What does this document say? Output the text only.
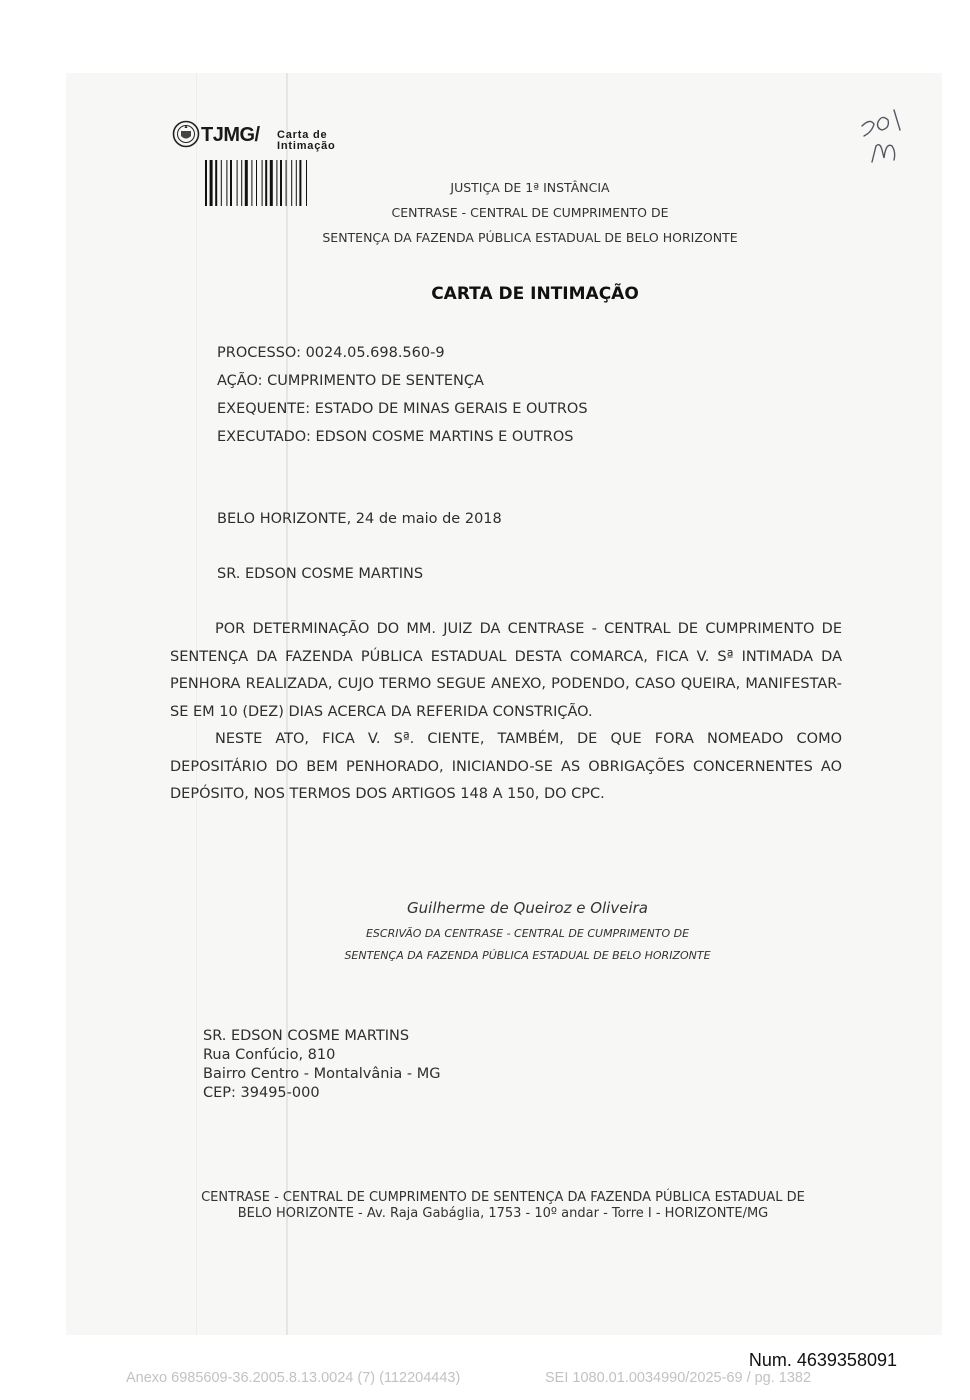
TJMG/ Carta de
Intimação
JUSTIÇA DE 1ª INSTÂNCIA
CENTRASE - CENTRAL DE CUMPRIMENTO DE
SENTENÇA DA FAZENDA PÚBLICA ESTADUAL DE BELO HORIZONTE
CARTA DE INTIMAÇÃO
PROCESSO: 0024.05.698.560-9
AÇÃO: CUMPRIMENTO DE SENTENÇA
EXEQUENTE: ESTADO DE MINAS GERAIS E OUTROS
EXECUTADO: EDSON COSME MARTINS E OUTROS
BELO HORIZONTE, 24 de maio de 2018
SR. EDSON COSME MARTINS

POR DETERMINAÇÃO DO MM. JUIZ DA CENTRASE - CENTRAL DE CUMPRIMENTO DE SENTENÇA DA FAZENDA PÚBLICA ESTADUAL DESTA COMARCA, FICA V. Sª INTIMADA DA PENHORA REALIZADA, CUJO TERMO SEGUE ANEXO, PODENDO, CASO QUEIRA, MANIFESTAR-SE EM 10 (DEZ) DIAS ACERCA DA REFERIDA CONSTRIÇÃO.

NESTE ATO, FICA V. Sª. CIENTE, TAMBÉM, DE QUE FORA NOMEADO COMO DEPOSITÁRIO DO BEM PENHORADO, INICIANDO-SE AS OBRIGAÇÕES CONCERNENTES AO DEPÓSITO, NOS TERMOS DOS ARTIGOS 148 A 150, DO CPC.

Guilherme de Queiroz e Oliveira
ESCRIVÃO DA CENTRASE - CENTRAL DE CUMPRIMENTO DE
SENTENÇA DA FAZENDA PÚBLICA ESTADUAL DE BELO HORIZONTE
SR. EDSON COSME MARTINS
Rua Confúcio, 810
Bairro Centro - Montalvânia - MG
CEP: 39495-000
CENTRASE - CENTRAL DE CUMPRIMENTO DE SENTENÇA DA FAZENDA PÚBLICA ESTADUAL DE
BELO HORIZONTE - Av. Raja Gabáglia, 1753 - 10º andar - Torre I - HORIZONTE/MG
301
m
Num. 4639358091
Anexo 6985609-36.2005.8.13.0024 (7) (112204443)	SEI 1080.01.0034990/2025-69 / pg. 1382
